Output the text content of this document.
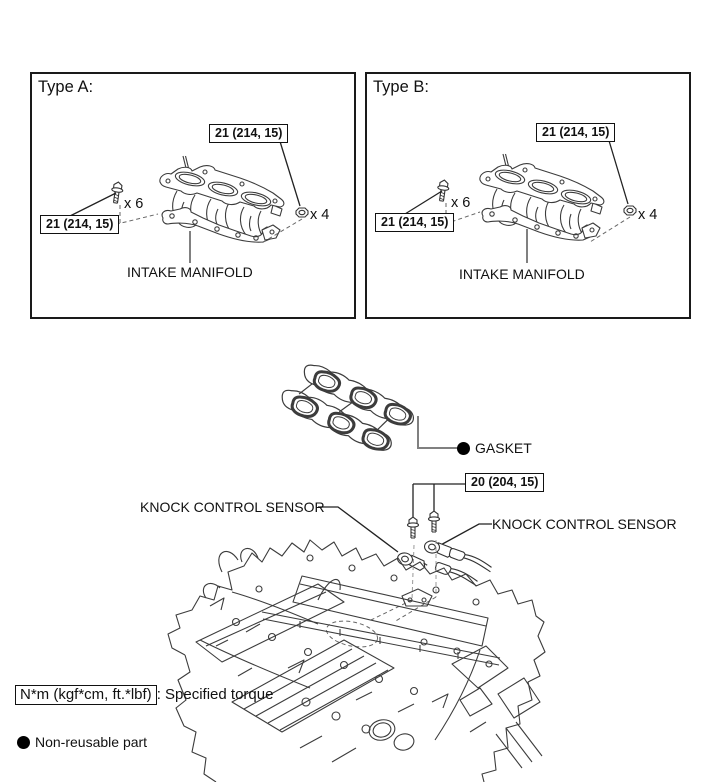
Type A:	Type B:
21 (214, 15)
21 (214, 15)
x 6
x 4
INTAKE MANIFOLD
21 (214, 15)
21 (214, 15)
x 6
x 4
INTAKE MANIFOLD
GASKET
20 (204, 15)
KNOCK CONTROL SENSOR
KNOCK CONTROL SENSOR
N*m (kgf*cm, ft.*lbf) : Specified torque
Non-reusable part
